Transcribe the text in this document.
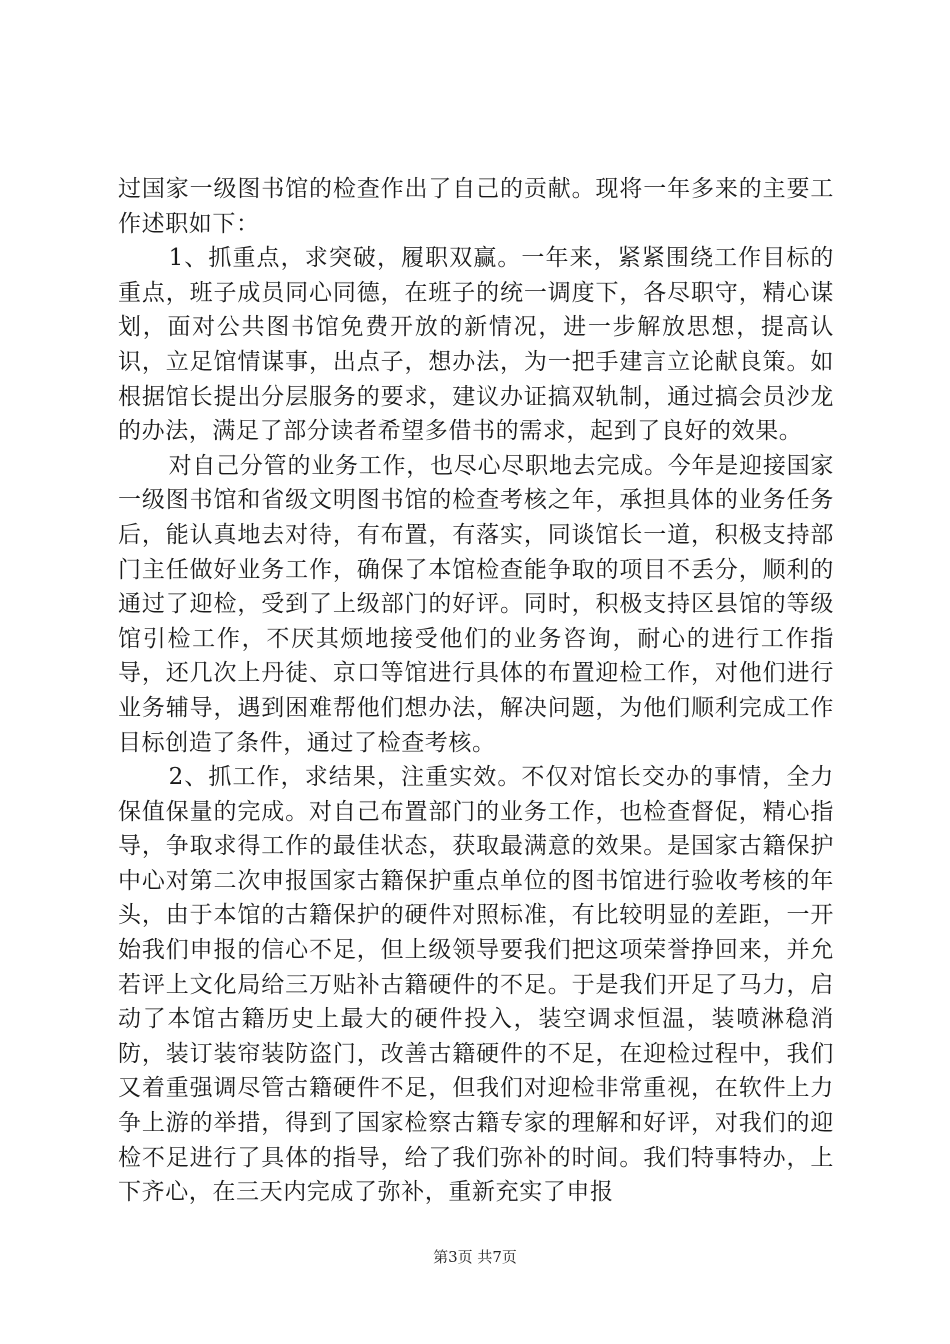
过国家一级图书馆的检查作出了自己的贡献。现将一年多来的主要工作述职如下：

1、抓重点，求突破，履职双赢。一年来，紧紧围绕工作目标的重点，班子成员同心同德，在班子的统一调度下，各尽职守，精心谋划，面对公共图书馆免费开放的新情况，进一步解放思想，提高认识，立足馆情谋事，出点子，想办法，为一把手建言立论献良策。如根据馆长提出分层服务的要求，建议办证搞双轨制，通过搞会员沙龙的办法，满足了部分读者希望多借书的需求，起到了良好的效果。

对自己分管的业务工作，也尽心尽职地去完成。今年是迎接国家一级图书馆和省级文明图书馆的检查考核之年，承担具体的业务任务后，能认真地去对待，有布置，有落实，同谈馆长一道，积极支持部门主任做好业务工作，确保了本馆检查能争取的项目不丢分，顺利的通过了迎检，受到了上级部门的好评。同时，积极支持区县馆的等级馆引检工作，不厌其烦地接受他们的业务咨询，耐心的进行工作指导，还几次上丹徒、京口等馆进行具体的布置迎检工作，对他们进行业务辅导，遇到困难帮他们想办法，解决问题，为他们顺利完成工作目标创造了条件，通过了检查考核。

2、抓工作，求结果，注重实效。不仅对馆长交办的事情，全力保值保量的完成。对自己布置部门的业务工作，也检查督促，精心指导，争取求得工作的最佳状态，获取最满意的效果。是国家古籍保护中心对第二次申报国家古籍保护重点单位的图书馆进行验收考核的年头，由于本馆的古籍保护的硬件对照标准，有比较明显的差距，一开始我们申报的信心不足，但上级领导要我们把这项荣誉挣回来，并允若评上文化局给三万贴补古籍硬件的不足。于是我们开足了马力，启动了本馆古籍历史上最大的硬件投入，装空调求恒温，装喷淋稳消防，装订装帘装防盗门，改善古籍硬件的不足，在迎检过程中，我们又着重强调尽管古籍硬件不足，但我们对迎检非常重视，在软件上力争上游的举措，得到了国家检察古籍专家的理解和好评，对我们的迎检不足进行了具体的指导，给了我们弥补的时间。我们特事特办，上下齐心，在三天内完成了弥补，重新充实了申报

第3页 共7页
